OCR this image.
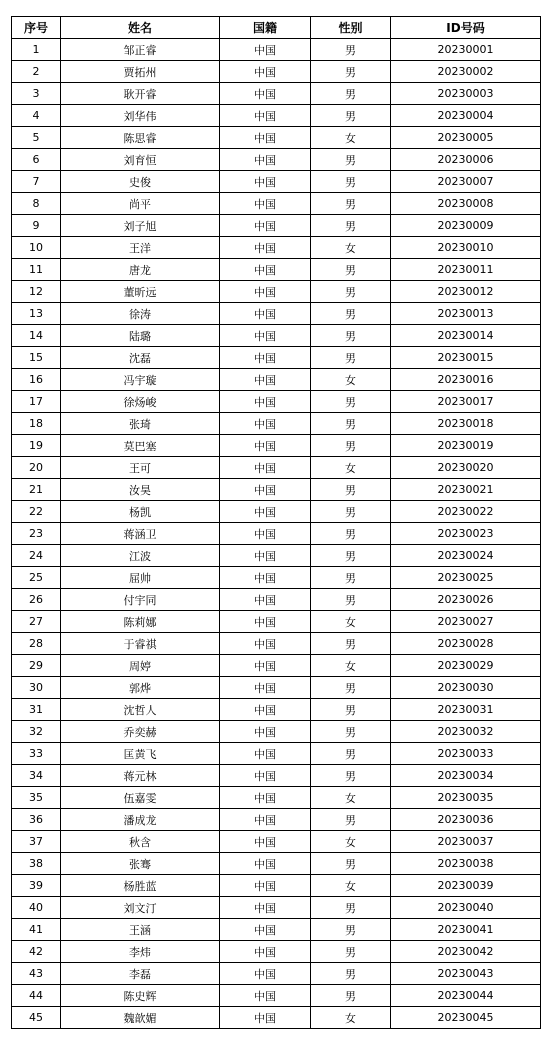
序号	姓名	国籍	性别	ID号码
1	邹正睿	中国	男	20230001
2	贾拓州	中国	男	20230002
3	耿开睿	中国	男	20230003
4	刘华伟	中国	男	20230004
5	陈思睿	中国	女	20230005
6	刘育恒	中国	男	20230006
7	史俊	中国	男	20230007
8	尚平	中国	男	20230008
9	刘子旭	中国	男	20230009
10	王洋	中国	女	20230010
11	唐龙	中国	男	20230011
12	董昕远	中国	男	20230012
13	徐涛	中国	男	20230013
14	陆璐	中国	男	20230014
15	沈磊	中国	男	20230015
16	冯宇璇	中国	女	20230016
17	徐炀峻	中国	男	20230017
18	张琦	中国	男	20230018
19	莫巴塞	中国	男	20230019
20	王可	中国	女	20230020
21	汝昊	中国	男	20230021
22	杨凯	中国	男	20230022
23	蒋涵卫	中国	男	20230023
24	江波	中国	男	20230024
25	屈帅	中国	男	20230025
26	付宇同	中国	男	20230026
27	陈莉娜	中国	女	20230027
28	于睿祺	中国	男	20230028
29	周婷	中国	女	20230029
30	郭烨	中国	男	20230030
31	沈哲人	中国	男	20230031
32	乔奕赫	中国	男	20230032
33	匡黄飞	中国	男	20230033
34	蒋元林	中国	男	20230034
35	伍嘉雯	中国	女	20230035
36	潘成龙	中国	男	20230036
37	秋含	中国	女	20230037
38	张骞	中国	男	20230038
39	杨胜蓝	中国	女	20230039
40	刘文汀	中国	男	20230040
41	王涵	中国	男	20230041
42	李炜	中国	男	20230042
43	李磊	中国	男	20230043
44	陈史辉	中国	男	20230044
45	魏歆媚	中国	女	20230045
